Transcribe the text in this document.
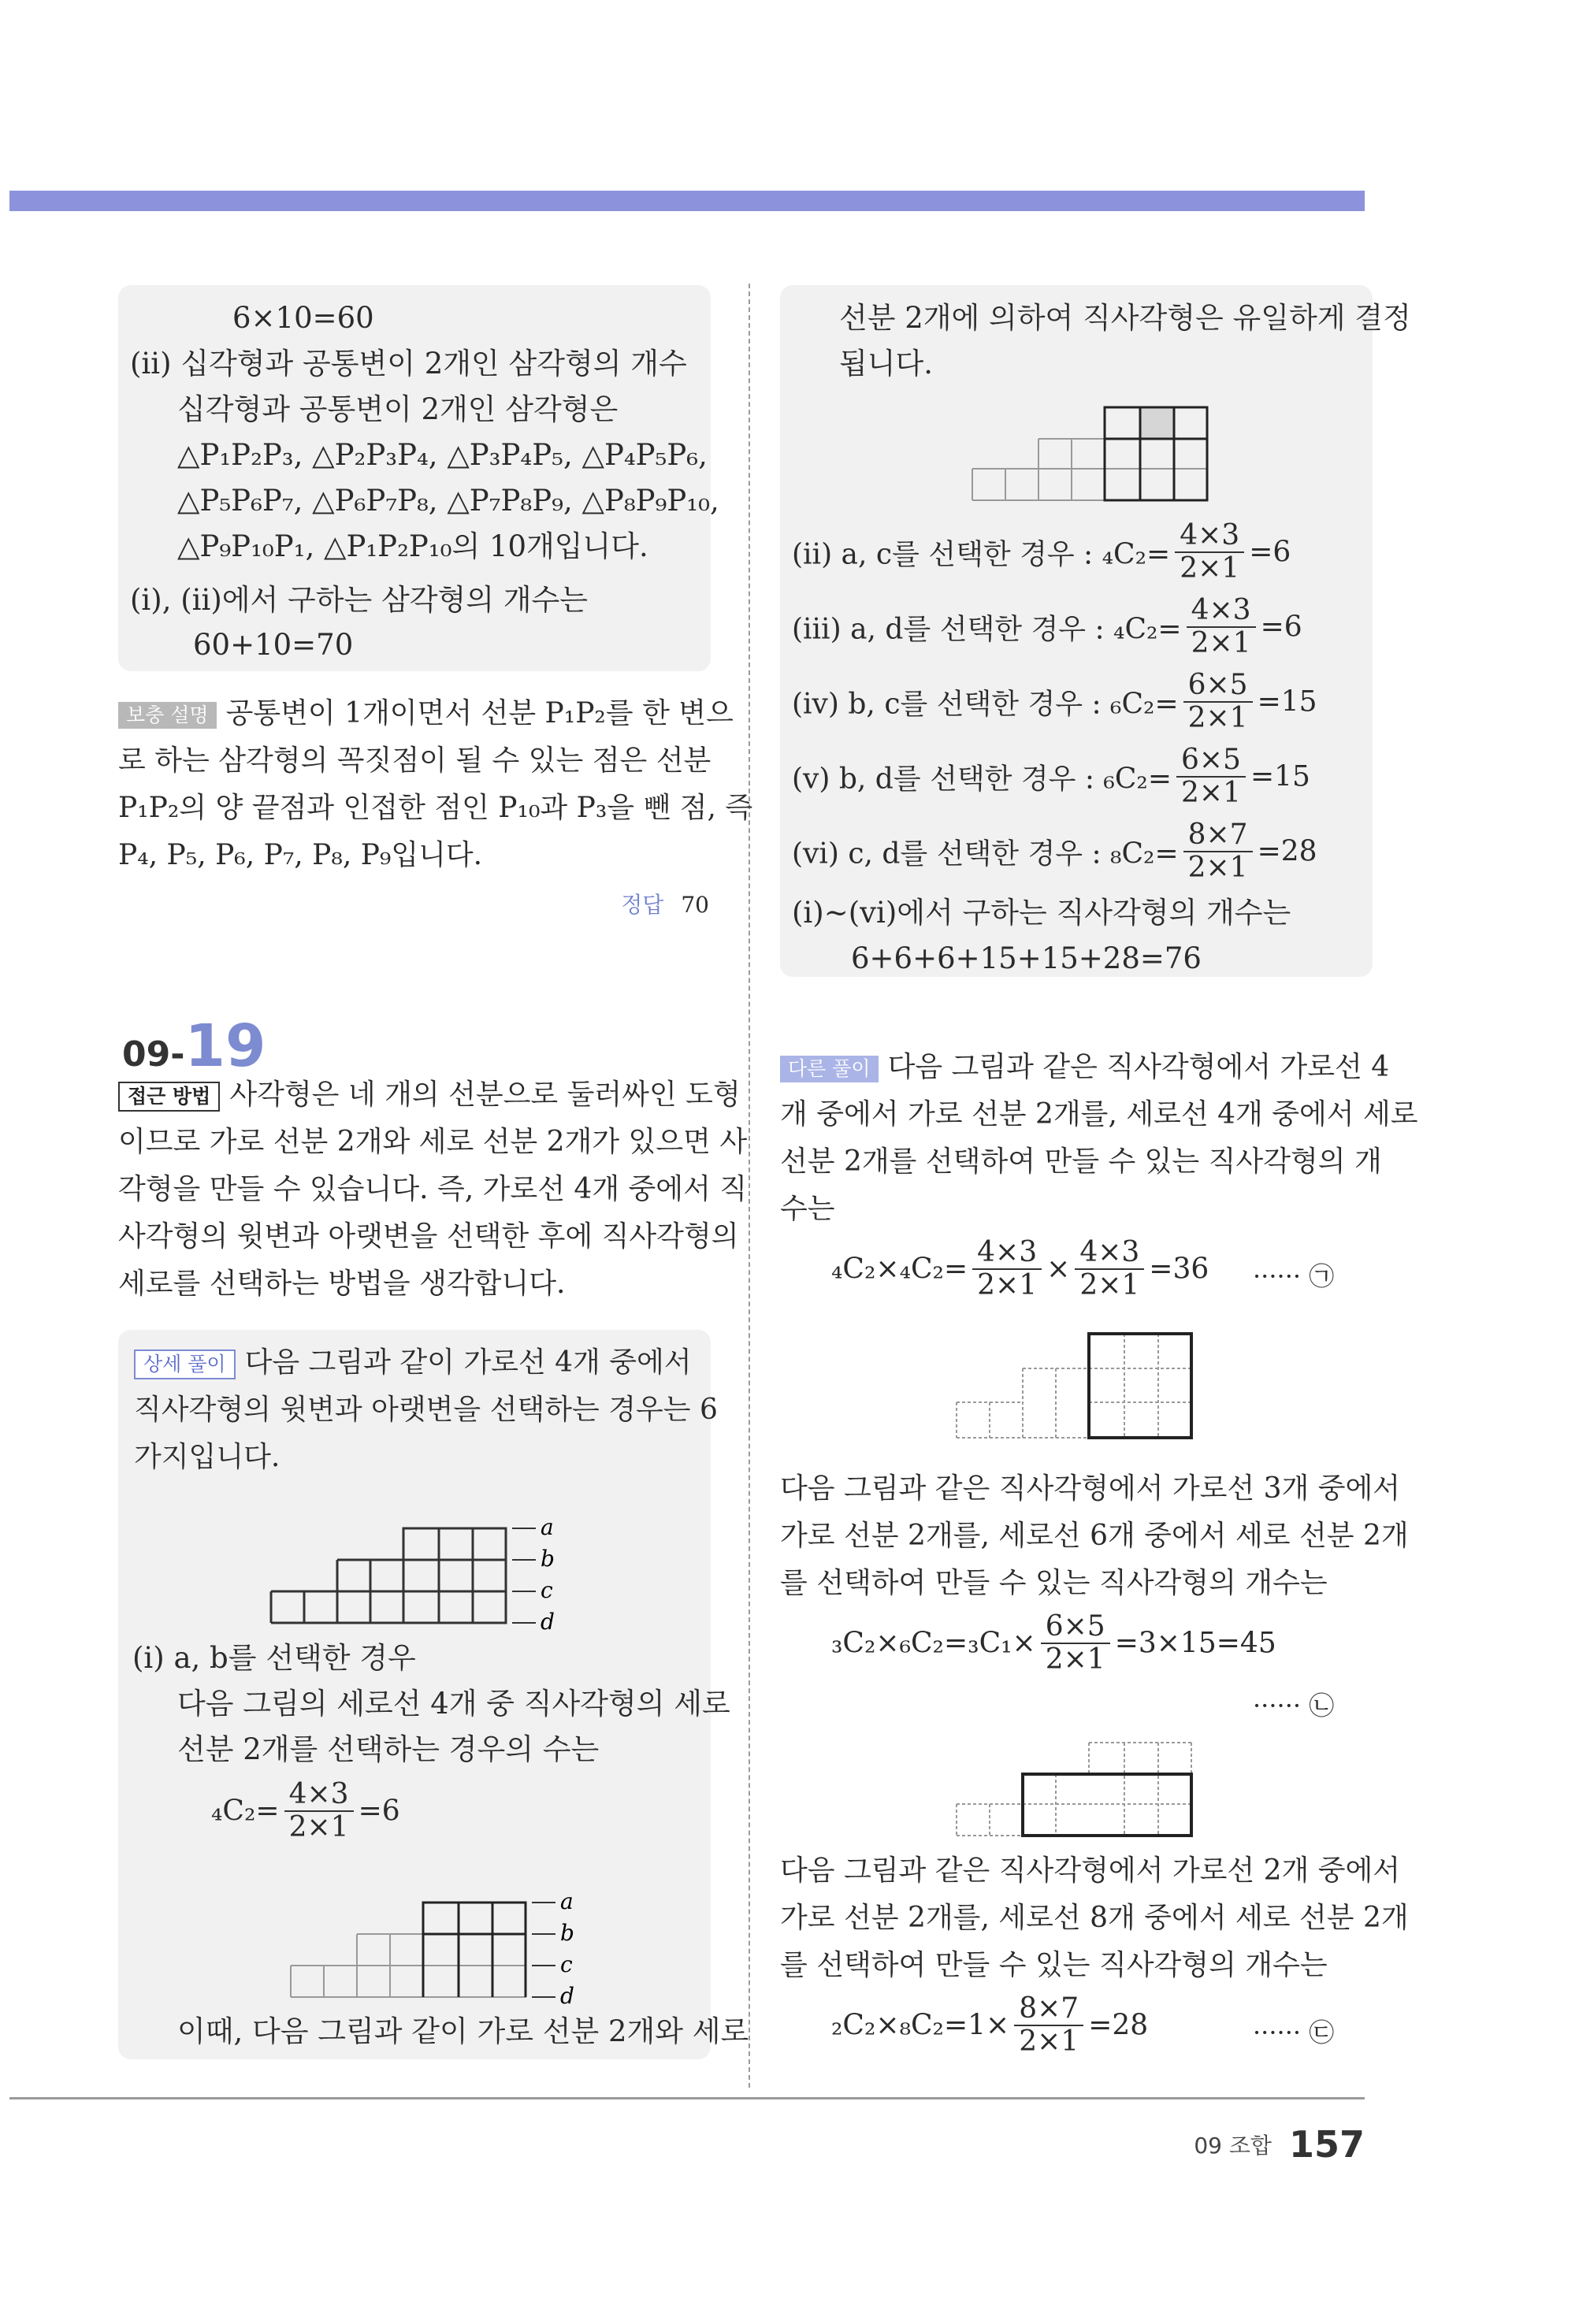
6×10=60
(ⅱ) 십각형과 공통변이 2개인 삼각형의 개수
십각형과 공통변이 2개인 삼각형은
△P₁P₂P₃, △P₂P₃P₄, △P₃P₄P₅, △P₄P₅P₆,
△P₅P₆P₇, △P₆P₇P₈, △P₇P₈P₉, △P₈P₉P₁₀,
△P₉P₁₀P₁, △P₁P₂P₁₀의 10개입니다.
(ⅰ), (ⅱ)에서 구하는 삼각형의 개수는
60+10=70
보충 설명 공통변이 1개이면서 선분 P₁P₂를 한 변으
로 하는 삼각형의 꼭짓점이 될 수 있는 점은 선분
P₁P₂의 양 끝점과 인접한 점인 P₁₀과 P₃을 뺀 점, 즉
P₄, P₅, P₆, P₇, P₈, P₉입니다.
정답 70
09-19
접근 방법 사각형은 네 개의 선분으로 둘러싸인 도형
이므로 가로 선분 2개와 세로 선분 2개가 있으면 사
각형을 만들 수 있습니다. 즉, 가로선 4개 중에서 직
사각형의 윗변과 아랫변을 선택한 후에 직사각형의
세로를 선택하는 방법을 생각합니다.
상세 풀이 다음 그림과 같이 가로선 4개 중에서
직사각형의 윗변과 아랫변을 선택하는 경우는 6
가지입니다.
a
b
c
d
(ⅰ) a, b를 선택한 경우
다음 그림의 세로선 4개 중 직사각형의 세로
선분 2개를 선택하는 경우의 수는
$_4C_2= \frac{4\times 3}{2\times 1} =6$
a
b
c
d
이때, 다음 그림과 같이 가로 선분 2개와 세로
선분 2개에 의하여 직사각형은 유일하게 결정
됩니다.
(ⅱ) a, c를 선택한 경우 : $_4C_2= \frac{4\times 3}{2\times 1} =6$
(ⅲ) a, d를 선택한 경우 : $_4C_2= \frac{4\times 3}{2\times 1} =6$
(ⅳ) b, c를 선택한 경우 : $_6C_2= \frac{6\times 5}{2\times 1} =15$
(ⅴ) b, d를 선택한 경우 : $_6C_2= \frac{6\times 5}{2\times 1} =15$
(ⅵ) c, d를 선택한 경우 : $_8C_2= \frac{8\times 7}{2\times 1} =28$
(ⅰ)~(ⅵ)에서 구하는 직사각형의 개수는
6+6+6+15+15+28=76
다른 풀이 다음 그림과 같은 직사각형에서 가로선 4
개 중에서 가로 선분 2개를, 세로선 4개 중에서 세로
선분 2개를 선택하여 만들 수 있는 직사각형의 개
수는
$_4C_2\times_4C_2= \frac{4\times 3}{2\times 1} \times \frac{4\times 3}{2\times 1} =36$ ······ ㉠
다음 그림과 같은 직사각형에서 가로선 3개 중에서
가로 선분 2개를, 세로선 6개 중에서 세로 선분 2개
를 선택하여 만들 수 있는 직사각형의 개수는
$_3C_2\times_6C_2=_3C_1\times \frac{6\times 5}{2\times 1} =3\times 15=45$
······ ㉡
다음 그림과 같은 직사각형에서 가로선 2개 중에서
가로 선분 2개를, 세로선 8개 중에서 세로 선분 2개
를 선택하여 만들 수 있는 직사각형의 개수는
$_2C_2\times_8C_2=1\times \frac{8\times 7}{2\times 1} =28$	······ ㉢
09 조합 157
